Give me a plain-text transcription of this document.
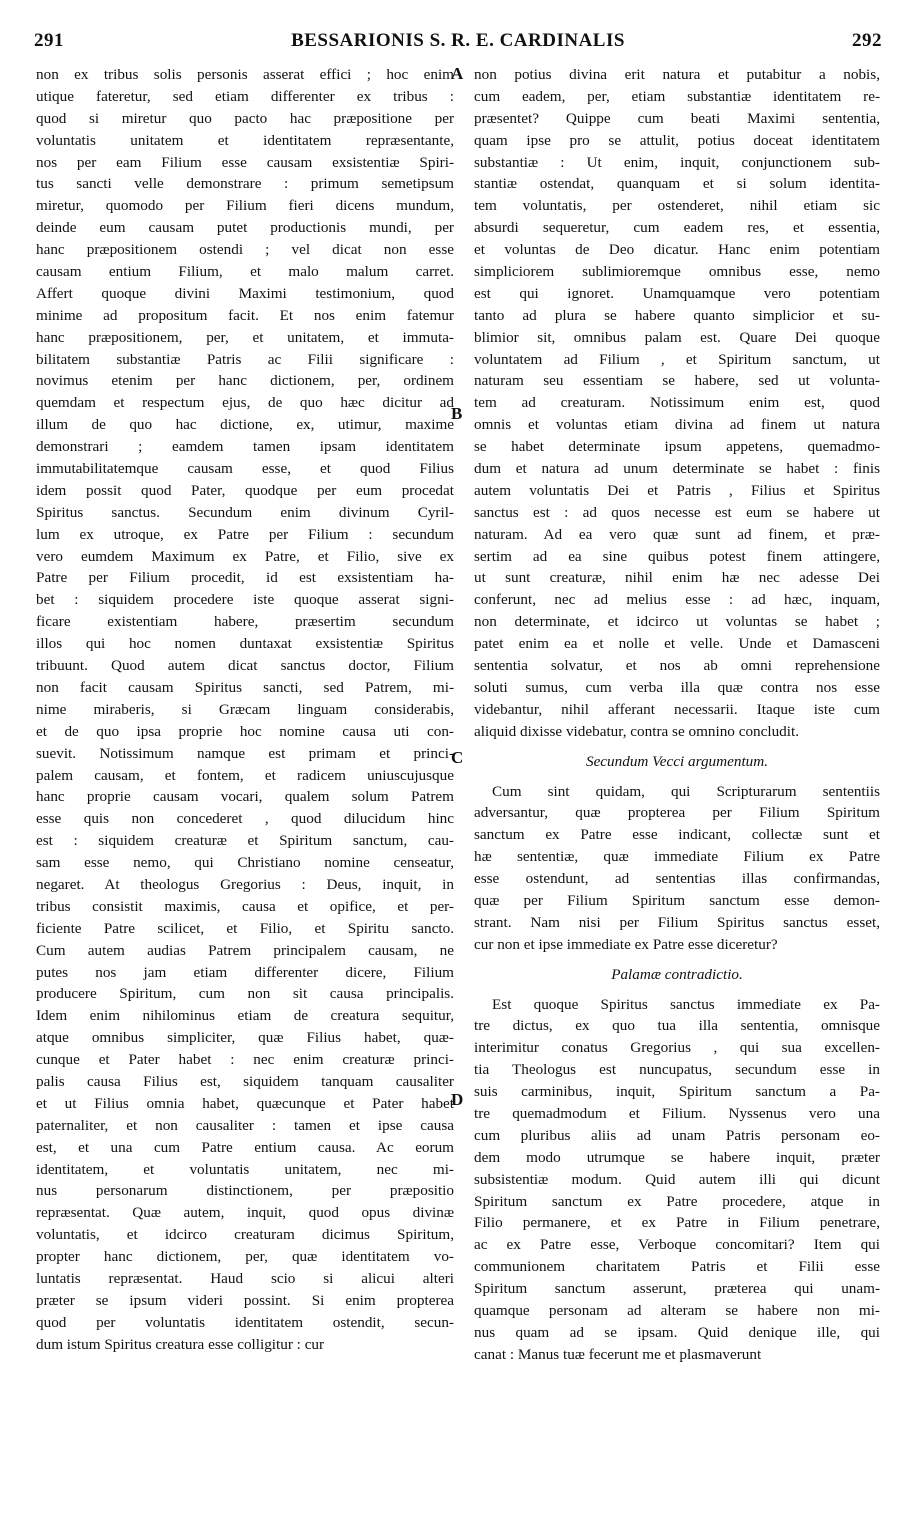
291	BESSARIONIS S. R. E. CARDINALIS	292
A
B
C
D
non ex tribus solis personis asserat effici ; hoc enim
utique fateretur, sed etiam differenter ex tribus :
quod si miretur quo pacto hac præpositione per
voluntatis unitatem et identitatem repræsentante,
nos per eam Filium esse causam exsistentiæ Spiri-
tus sancti velle demonstrare : primum semetipsum
miretur, quomodo per Filium fieri dicens mundum,
deinde eum causam putet productionis mundi, per
hanc præpositionem ostendi ; vel dicat non esse
causam entium Filium, et malo malum carret.
Affert quoque divini Maximi testimonium, quod
minime ad propositum facit. Et nos enim fatemur
hanc præpositionem, per, et unitatem, et immuta-
bilitatem substantiæ Patris ac Filii significare :
novimus etenim per hanc dictionem, per, ordinem
quemdam et respectum ejus, de quo hæc dicitur ad
illum de quo hac dictione, ex, utimur, maxime
demonstrari ; eamdem tamen ipsam identitatem
immutabilitatemque causam esse, et quod Filius
idem possit quod Pater, quodque per eum procedat
Spiritus sanctus. Secundum enim divinum Cyril-
lum ex utroque, ex Patre per Filium : secundum
vero eumdem Maximum ex Patre, et Filio, sive ex
Patre per Filium procedit, id est exsistentiam ha-
bet : siquidem procedere iste quoque asserat signi-
ficare existentiam habere, præsertim secundum
illos qui hoc nomen duntaxat exsistentiæ Spiritus
tribuunt. Quod autem dicat sanctus doctor, Filium
non facit causam Spiritus sancti, sed Patrem, mi-
nime miraberis, si Græcam linguam considerabis,
et de quo ipsa proprie hoc nomine causa uti con-
suevit. Notissimum namque est primam et princi-
palem causam, et fontem, et radicem uniuscujusque
hanc proprie causam vocari, qualem solum Patrem
esse quis non concederet , quod dilucidum hinc
est : siquidem creaturæ et Spiritum sanctum, cau-
sam esse nemo, qui Christiano nomine censeatur,
negaret. At theologus Gregorius : Deus, inquit, in
tribus consistit maximis, causa et opifice, et per-
ficiente Patre scilicet, et Filio, et Spiritu sancto.
Cum autem audias Patrem principalem causam, ne
putes nos jam etiam differenter dicere, Filium
producere Spiritum, cum non sit causa principalis.
Idem enim nihilominus etiam de creatura sequitur,
atque omnibus simpliciter, quæ Filius habet, quæ-
cunque et Pater habet : nec enim creaturæ princi-
palis causa Filius est, siquidem tanquam causaliter
et ut Filius omnia habet, quæcunque et Pater habet
paternaliter, et non causaliter : tamen et ipse causa
est, et una cum Patre entium causa. Ac eorum
identitatem, et voluntatis unitatem, nec mi-
nus personarum distinctionem, per præpositio
repræsentat. Quæ autem, inquit, quod opus divinæ
voluntatis, et idcirco creaturam dicimus Spiritum,
propter hanc dictionem, per, quæ identitatem vo-
luntatis repræsentat. Haud scio si alicui alteri
præter se ipsum videri possint. Si enim propterea
quod per voluntatis identitatem ostendit, secun-
dum istum Spiritus creatura esse colligitur : cur
non potius divina erit natura et putabitur a nobis,
cum eadem, per, etiam substantiæ identitatem re-
præsentet? Quippe cum beati Maximi sententia,
quam ipse pro se attulit, potius doceat identitatem
substantiæ : Ut enim, inquit, conjunctionem sub-
stantiæ ostendat, quanquam et si solum identita-
tem voluntatis, per ostenderet, nihil etiam sic
absurdi sequeretur, cum eadem res, et essentia,
et voluntas de Deo dicatur. Hanc enim potentiam
simpliciorem sublimioremque omnibus esse, nemo
est qui ignoret. Unamquamque vero potentiam
tanto ad plura se habere quanto simplicior et su-
blimior sit, omnibus palam est. Quare Dei quoque
voluntatem ad Filium , et Spiritum sanctum, ut
naturam seu essentiam se habere, sed ut volunta-
tem ad creaturam. Notissimum enim est, quod
omnis et voluntas etiam divina ad finem ut natura
se habet determinate ipsum appetens, quemadmo-
dum et natura ad unum determinate se habet : finis
autem voluntatis Dei et Patris , Filius et Spiritus
sanctus est : ad quos necesse est eum se habere ut
naturam. Ad ea vero quæ sunt ad finem, et præ-
sertim ad ea sine quibus potest finem attingere,
ut sunt creaturæ, nihil enim hæ nec adesse Dei
conferunt, nec ad melius esse : ad hæc, inquam,
non determinate, et idcirco ut voluntas se habet ;
patet enim ea et nolle et velle. Unde et Damasceni
sententia solvatur, et nos ab omni reprehensione
soluti sumus, cum verba illa quæ contra nos esse
videbantur, nihil afferant necessarii. Itaque iste cum
aliquid dixisse videbatur, contra se omnino concludit.
Secundum Vecci argumentum.
Cum sint quidam, qui Scripturarum sententiis
adversantur, quæ propterea per Filium Spiritum
sanctum ex Patre esse indicant, collectæ sunt et
hæ sententiæ, quæ immediate Filium ex Patre
esse ostendunt, ad sententias illas confirmandas,
quæ per Filium Spiritum sanctum esse demon-
strant. Nam nisi per Filium Spiritus sanctus esset,
cur non et ipse immediate ex Patre esse diceretur?
Palamæ contradictio.
Est quoque Spiritus sanctus immediate ex Pa-
tre dictus, ex quo tua illa sententia, omnisque
interimitur conatus Gregorius , qui sua excellen-
tia Theologus est nuncupatus, secundum esse in
suis carminibus, inquit, Spiritum sanctum a Pa-
tre quemadmodum et Filium. Nyssenus vero una
cum pluribus aliis ad unam Patris personam eo-
dem modo utrumque se habere inquit, præter
subsistentiæ modum. Quid autem illi qui dicunt
Spiritum sanctum ex Patre procedere, atque in
Filio permanere, et ex Patre in Filium penetrare,
ac ex Patre esse, Verboque concomitari? Item qui
communionem charitatem Patris et Filii esse
Spiritum sanctum asserunt, præterea qui unam-
quamque personam ad alteram se habere non mi-
nus quam ad se ipsam. Quid denique ille, qui
canat : Manus tuæ fecerunt me et plasmaverunt
